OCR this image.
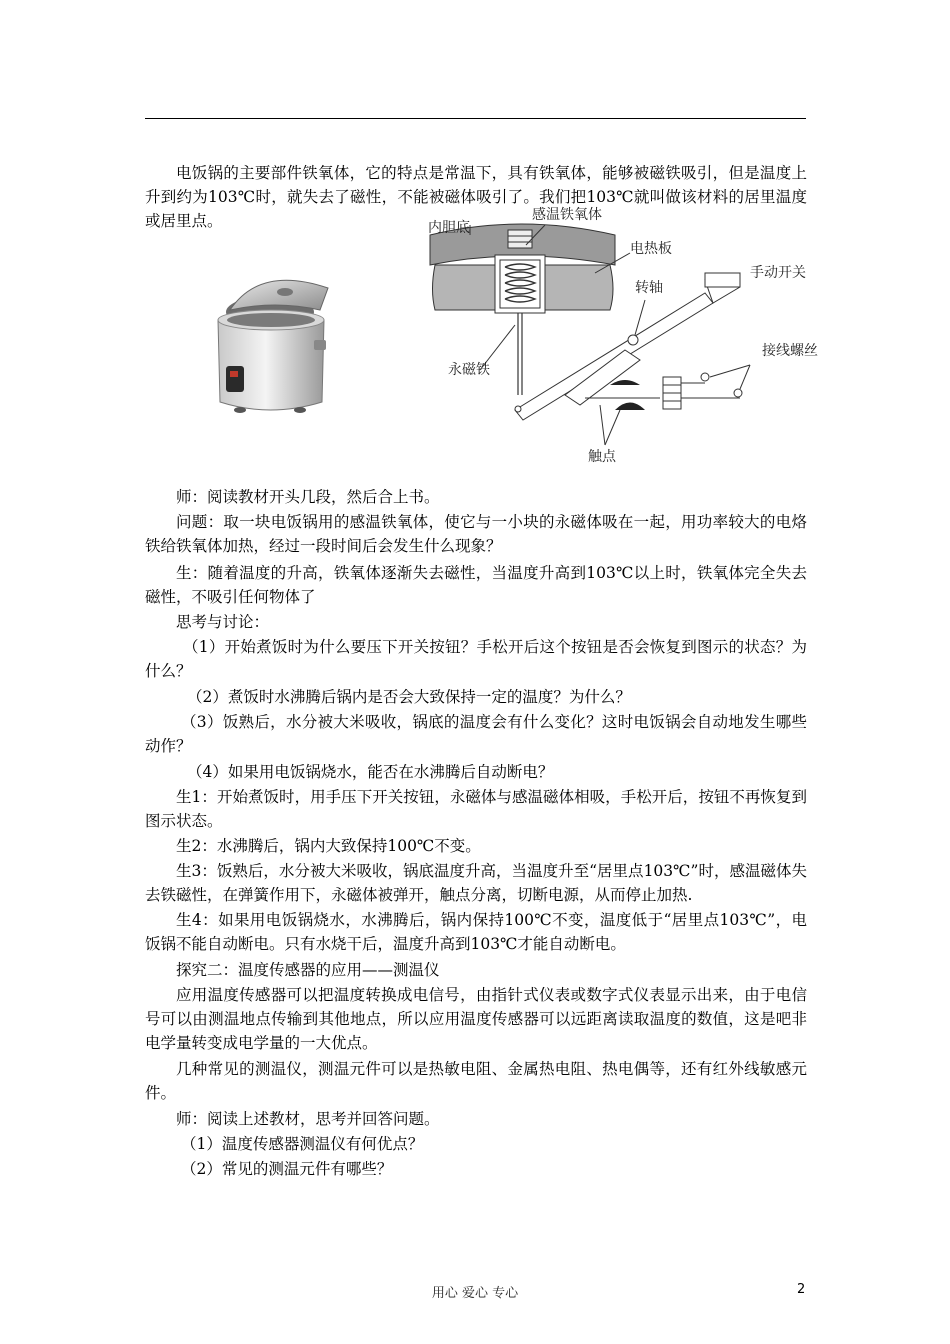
电饭锅的主要部件铁氧体，它的特点是常温下，具有铁氧体，能够被磁铁吸引，但是温度上升到约为103℃时，就失去了磁性，不能被磁体吸引了。我们把103℃就叫做该材料的居里温度或居里点。	内胆底
感温铁氧体
电热板
手动开关
转轴
接线螺丝
永磁铁
触点

师：阅读教材开头几段，然后合上书。

问题：取一块电饭锅用的感温铁氧体，使它与一小块的永磁体吸在一起，用功率较大的电烙铁给铁氧体加热，经过一段时间后会发生什么现象？

生：随着温度的升高，铁氧体逐渐失去磁性，当温度升高到103℃以上时，铁氧体完全失去磁性，不吸引任何物体了

思考与讨论：

（1）开始煮饭时为什么要压下开关按钮？手松开后这个按钮是否会恢复到图示的状态？为什么？

（2）煮饭时水沸腾后锅内是否会大致保持一定的温度？为什么？

（3）饭熟后，水分被大米吸收，锅底的温度会有什么变化？这时电饭锅会自动地发生哪些动作？

（4）如果用电饭锅烧水，能否在水沸腾后自动断电？

生1：开始煮饭时，用手压下开关按钮，永磁体与感温磁体相吸，手松开后，按钮不再恢复到图示状态。

生2：水沸腾后，锅内大致保持100℃不变。

生3：饭熟后，水分被大米吸收，锅底温度升高，当温度升至“居里点103℃”时，感温磁体失去铁磁性，在弹簧作用下，永磁体被弹开，触点分离，切断电源，从而停止加热.

生4：如果用电饭锅烧水，水沸腾后，锅内保持100℃不变，温度低于“居里点103℃”，电饭锅不能自动断电。只有水烧干后，温度升高到103℃才能自动断电。

探究二：温度传感器的应用——测温仪

应用温度传感器可以把温度转换成电信号，由指针式仪表或数字式仪表显示出来，由于电信号可以由测温地点传输到其他地点，所以应用温度传感器可以远距离读取温度的数值，这是吧非电学量转变成电学量的一大优点。

几种常见的测温仪，测温元件可以是热敏电阻、金属热电阻、热电偶等，还有红外线敏感元件。

师：阅读上述教材，思考并回答问题。

（1）温度传感器测温仪有何优点？

（2）常见的测温元件有哪些？

用心 爱心 专心	2
